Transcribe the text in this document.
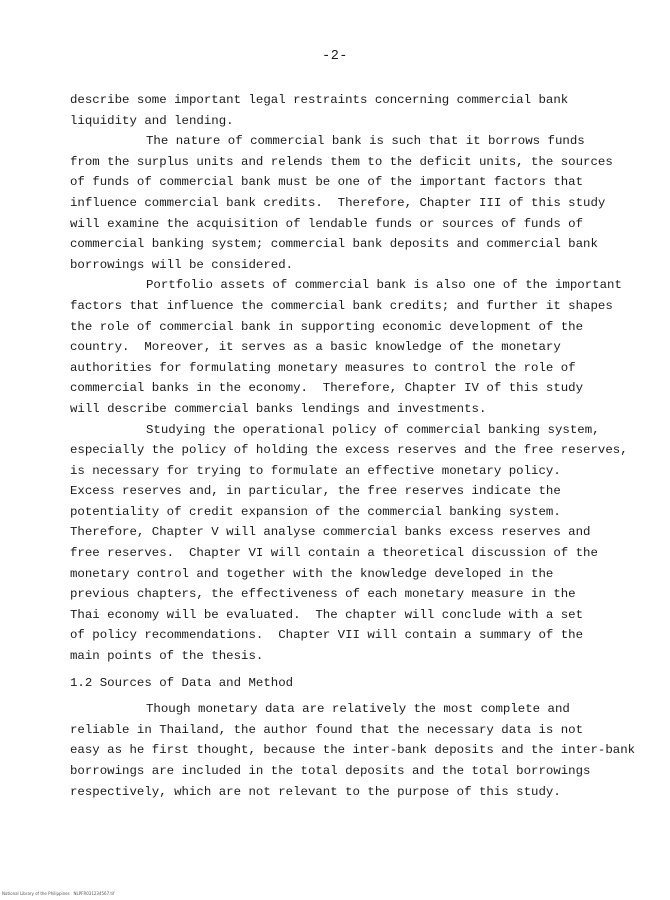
-2-
describe some important legal restraints concerning commercial bank
liquidity and lending.
The nature of commercial bank is such that it borrows funds
from the surplus units and relends them to the deficit units, the sources
of funds of commercial bank must be one of the important factors that
influence commercial bank credits.  Therefore, Chapter III of this study
will examine the acquisition of lendable funds or sources of funds of
commercial banking system; commercial bank deposits and commercial bank
borrowings will be considered.
Portfolio assets of commercial bank is also one of the important
factors that influence the commercial bank credits; and further it shapes
the role of commercial bank in supporting economic development of the
country.  Moreover, it serves as a basic knowledge of the monetary
authorities for formulating monetary measures to control the role of
commercial banks in the economy.  Therefore, Chapter IV of this study
will describe commercial banks lendings and investments.
Studying the operational policy of commercial banking system,
especially the policy of holding the excess reserves and the free reserves,
is necessary for trying to formulate an effective monetary policy.
Excess reserves and, in particular, the free reserves indicate the
potentiality of credit expansion of the commercial banking system.
Therefore, Chapter V will analyse commercial banks excess reserves and
free reserves.  Chapter VI will contain a theoretical discussion of the
monetary control and together with the knowledge developed in the
previous chapters, the effectiveness of each monetary measure in the
Thai economy will be evaluated.  The chapter will conclude with a set
of policy recommendations.  Chapter VII will contain a summary of the
main points of the thesis.
1.2 Sources of Data and Method
Though monetary data are relatively the most complete and
reliable in Thailand, the author found that the necessary data is not
easy as he first thought, because the inter-bank deposits and the inter-bank
borrowings are included in the total deposits and the total borrowings
respectively, which are not relevant to the purpose of this study.
National Library of the Philippines   NLPFR031234567.tif
